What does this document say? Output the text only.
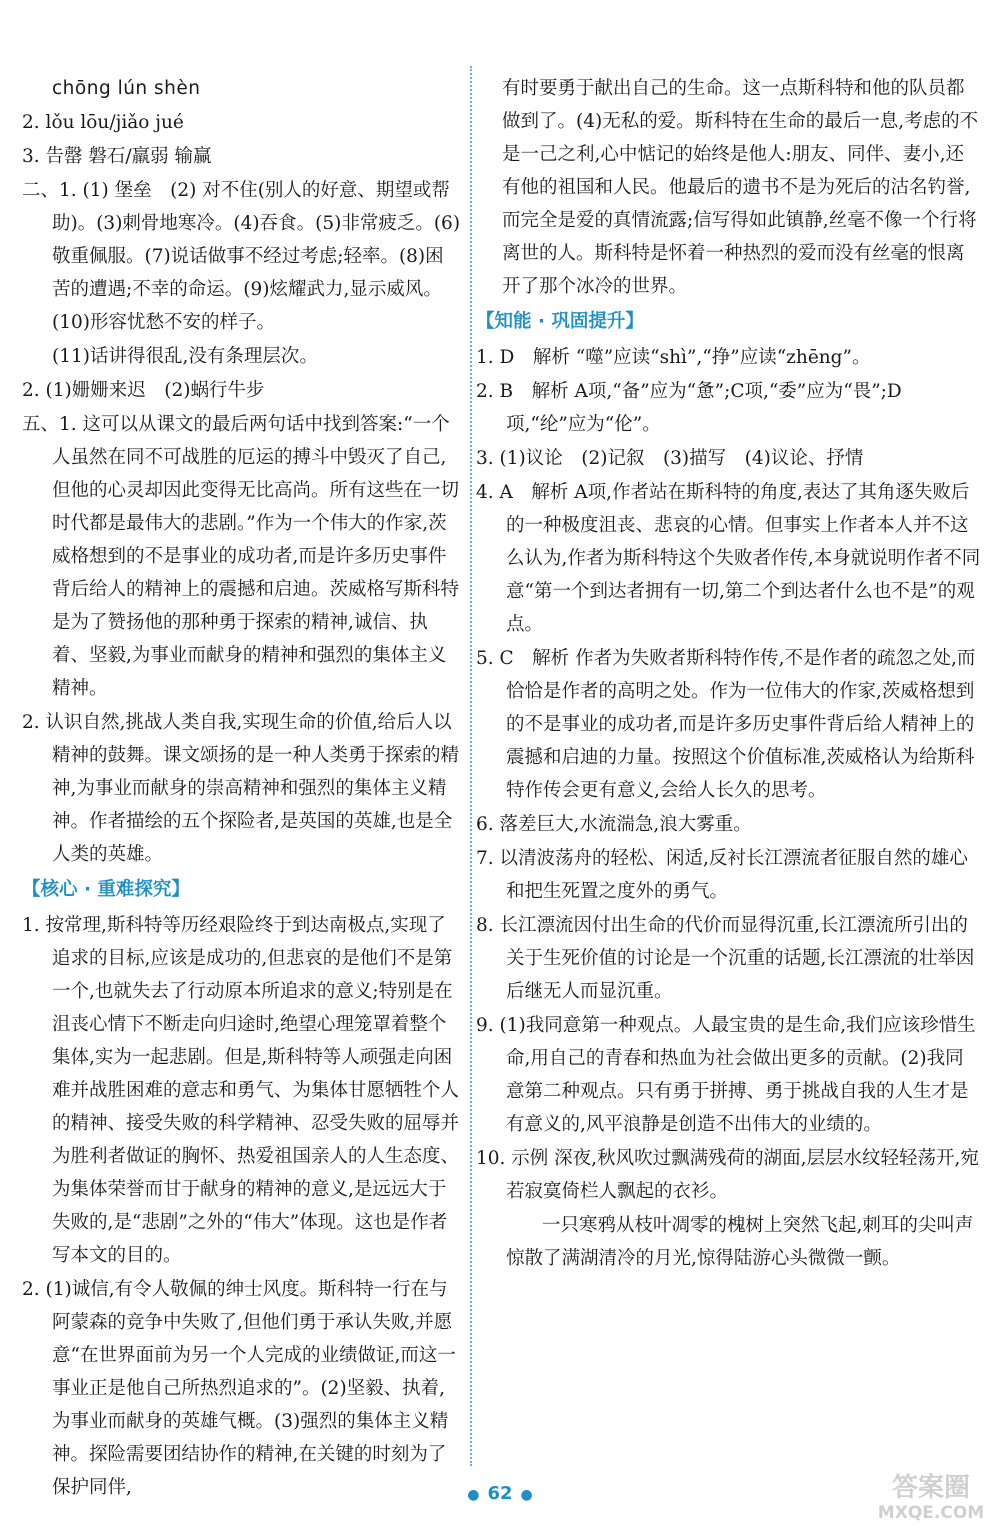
chōng lún shèn

2. lǒu lōu/jiǎo jué

3. 告罄 磐石/羸弱 输赢

二、1. (1) 堡垒　(2) 对不住(别人的好意、期望或帮助)。(3)刺骨地寒冷。(4)吞食。(5)非常疲乏。(6)敬重佩服。(7)说话做事不经过考虑;轻率。(8)困苦的遭遇;不幸的命运。(9)炫耀武力,显示威风。(10)形容忧愁不安的样子。

(11)话讲得很乱,没有条理层次。

2. (1)姗姗来迟　(2)蜗行牛步

五、1. 这可以从课文的最后两句话中找到答案:“一个人虽然在同不可战胜的厄运的搏斗中毁灭了自己,但他的心灵却因此变得无比高尚。所有这些在一切时代都是最伟大的悲剧。”作为一个伟大的作家,茨威格想到的不是事业的成功者,而是许多历史事件背后给人的精神上的震撼和启迪。茨威格写斯科特是为了赞扬他的那种勇于探索的精神,诚信、执着、坚毅,为事业而献身的精神和强烈的集体主义精神。

2. 认识自然,挑战人类自我,实现生命的价值,给后人以精神的鼓舞。课文颂扬的是一种人类勇于探索的精神,为事业而献身的崇高精神和强烈的集体主义精神。作者描绘的五个探险者,是英国的英雄,也是全人类的英雄。

【核心 · 重难探究】

1. 按常理,斯科特等历经艰险终于到达南极点,实现了追求的目标,应该是成功的,但悲哀的是他们不是第一个,也就失去了行动原本所追求的意义;特别是在沮丧心情下不断走向归途时,绝望心理笼罩着整个集体,实为一起悲剧。但是,斯科特等人顽强走向困难并战胜困难的意志和勇气、为集体甘愿牺牲个人的精神、接受失败的科学精神、忍受失败的屈辱并为胜利者做证的胸怀、热爱祖国亲人的人生态度、为集体荣誉而甘于献身的精神的意义,是远远大于失败的,是“悲剧”之外的“伟大”体现。这也是作者写本文的目的。

2. (1)诚信,有令人敬佩的绅士风度。斯科特一行在与阿蒙森的竞争中失败了,但他们勇于承认失败,并愿意“在世界面前为另一个人完成的业绩做证,而这一事业正是他自己所热烈追求的”。(2)坚毅、执着,为事业而献身的英雄气概。(3)强烈的集体主义精神。探险需要团结协作的精神,在关键的时刻为了保护同伴,

有时要勇于献出自己的生命。这一点斯科特和他的队员都做到了。(4)无私的爱。斯科特在生命的最后一息,考虑的不是一己之利,心中惦记的始终是他人:朋友、同伴、妻小,还有他的祖国和人民。他最后的遗书不是为死后的沽名钓誉,而完全是爱的真情流露;信写得如此镇静,丝毫不像一个行将离世的人。斯科特是怀着一种热烈的爱而没有丝毫的恨离开了那个冰冷的世界。

【知能 · 巩固提升】

1. D　解析 “噬”应读“shì”,“挣”应读“zhēng”。

2. B　解析 A项,“备”应为“惫”;C项,“委”应为“畏”;D项,“纶”应为“伦”。

3. (1)议论　(2)记叙　(3)描写　(4)议论、抒情

4. A　解析 A项,作者站在斯科特的角度,表达了其角逐失败后的一种极度沮丧、悲哀的心情。但事实上作者本人并不这么认为,作者为斯科特这个失败者作传,本身就说明作者不同意“第一个到达者拥有一切,第二个到达者什么也不是”的观点。

5. C　解析 作者为失败者斯科特作传,不是作者的疏忽之处,而恰恰是作者的高明之处。作为一位伟大的作家,茨威格想到的不是事业的成功者,而是许多历史事件背后给人精神上的震撼和启迪的力量。按照这个价值标准,茨威格认为给斯科特作传会更有意义,会给人长久的思考。

6. 落差巨大,水流湍急,浪大雾重。

7. 以清波荡舟的轻松、闲适,反衬长江漂流者征服自然的雄心和把生死置之度外的勇气。

8. 长江漂流因付出生命的代价而显得沉重,长江漂流所引出的关于生死价值的讨论是一个沉重的话题,长江漂流的壮举因后继无人而显沉重。

9. (1)我同意第一种观点。人最宝贵的是生命,我们应该珍惜生命,用自己的青春和热血为社会做出更多的贡献。(2)我同意第二种观点。只有勇于拼搏、勇于挑战自我的人生才是有意义的,风平浪静是创造不出伟大的业绩的。

10. 示例 深夜,秋风吹过飘满残荷的湖面,层层水纹轻轻荡开,宛若寂寞倚栏人飘起的衣衫。

一只寒鸦从枝叶凋零的槐树上突然飞起,刺耳的尖叫声惊散了满湖清冷的月光,惊得陆游心头微微一颤。

● 62 ●	答案圈
MXQE.COM
